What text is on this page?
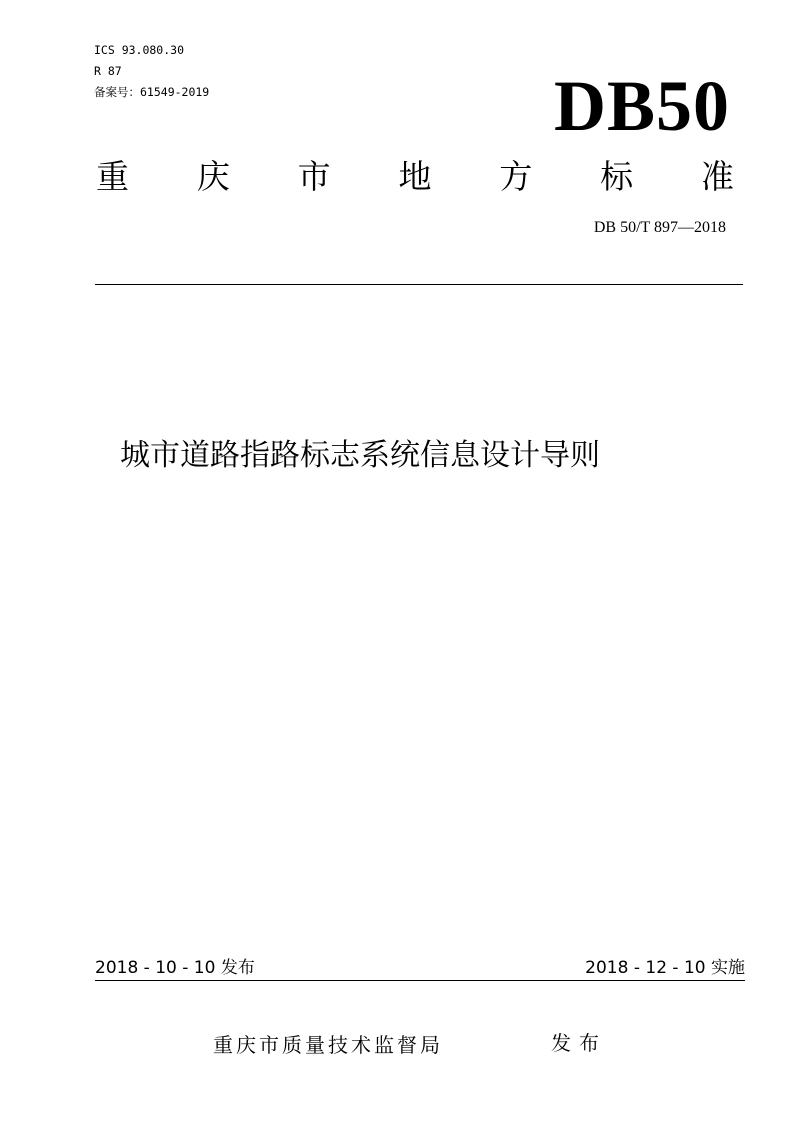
ICS 93.080.30
R 87
备案号：61549-2019	DB50
重 庆 市 地 方 标 准
DB 50/T 897—2018
城市道路指路标志系统信息设计导则
2018 - 10 - 10 发布	2018 - 12 - 10 实施
重庆市质量技术监督局	发布
